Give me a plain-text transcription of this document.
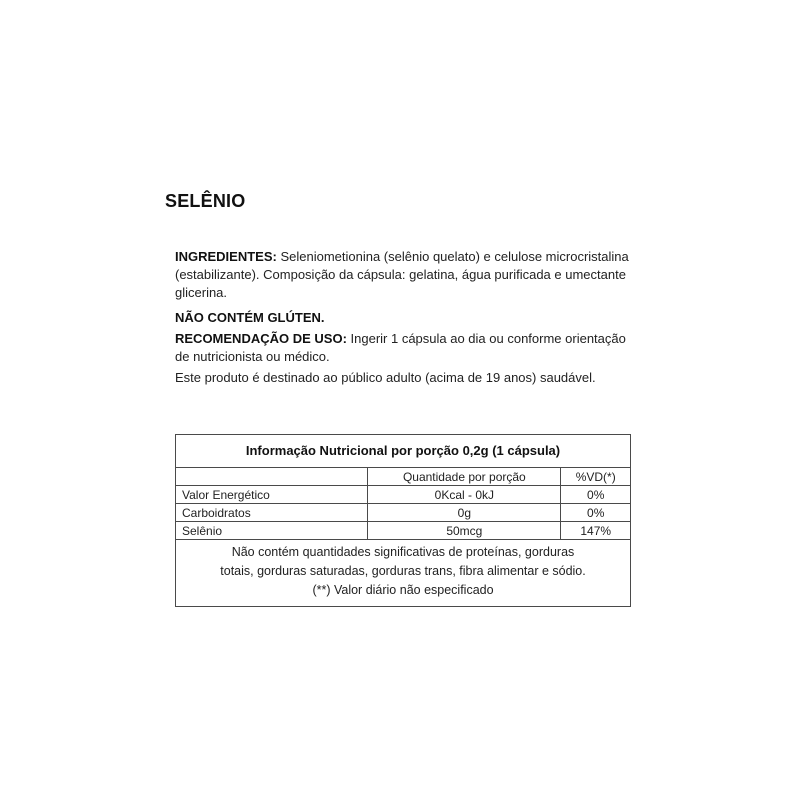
SELÊNIO
INGREDIENTES: Seleniometionina (selênio quelato) e celulose microcristalina (estabilizante). Composição da cápsula: gelatina, água purificada e umectante glicerina.
NÃO CONTÉM GLÚTEN.
RECOMENDAÇÃO DE USO: Ingerir 1 cápsula ao dia ou conforme orientação de nutricionista ou médico.
Este produto é destinado ao público adulto (acima de 19 anos) saudável.
Informação Nutricional por porção 0,2g (1 cápsula)		
	Quantidade por porção	%VD(*)
Valor Energético	0Kcal - 0kJ	0%
Carboidratos	0g	0%
Selênio	50mcg	147%

Não contém quantidades significativas de proteínas, gorduras
totais, gorduras saturadas, gorduras trans, fibra alimentar e sódio.
(**) Valor diário não especificado		
